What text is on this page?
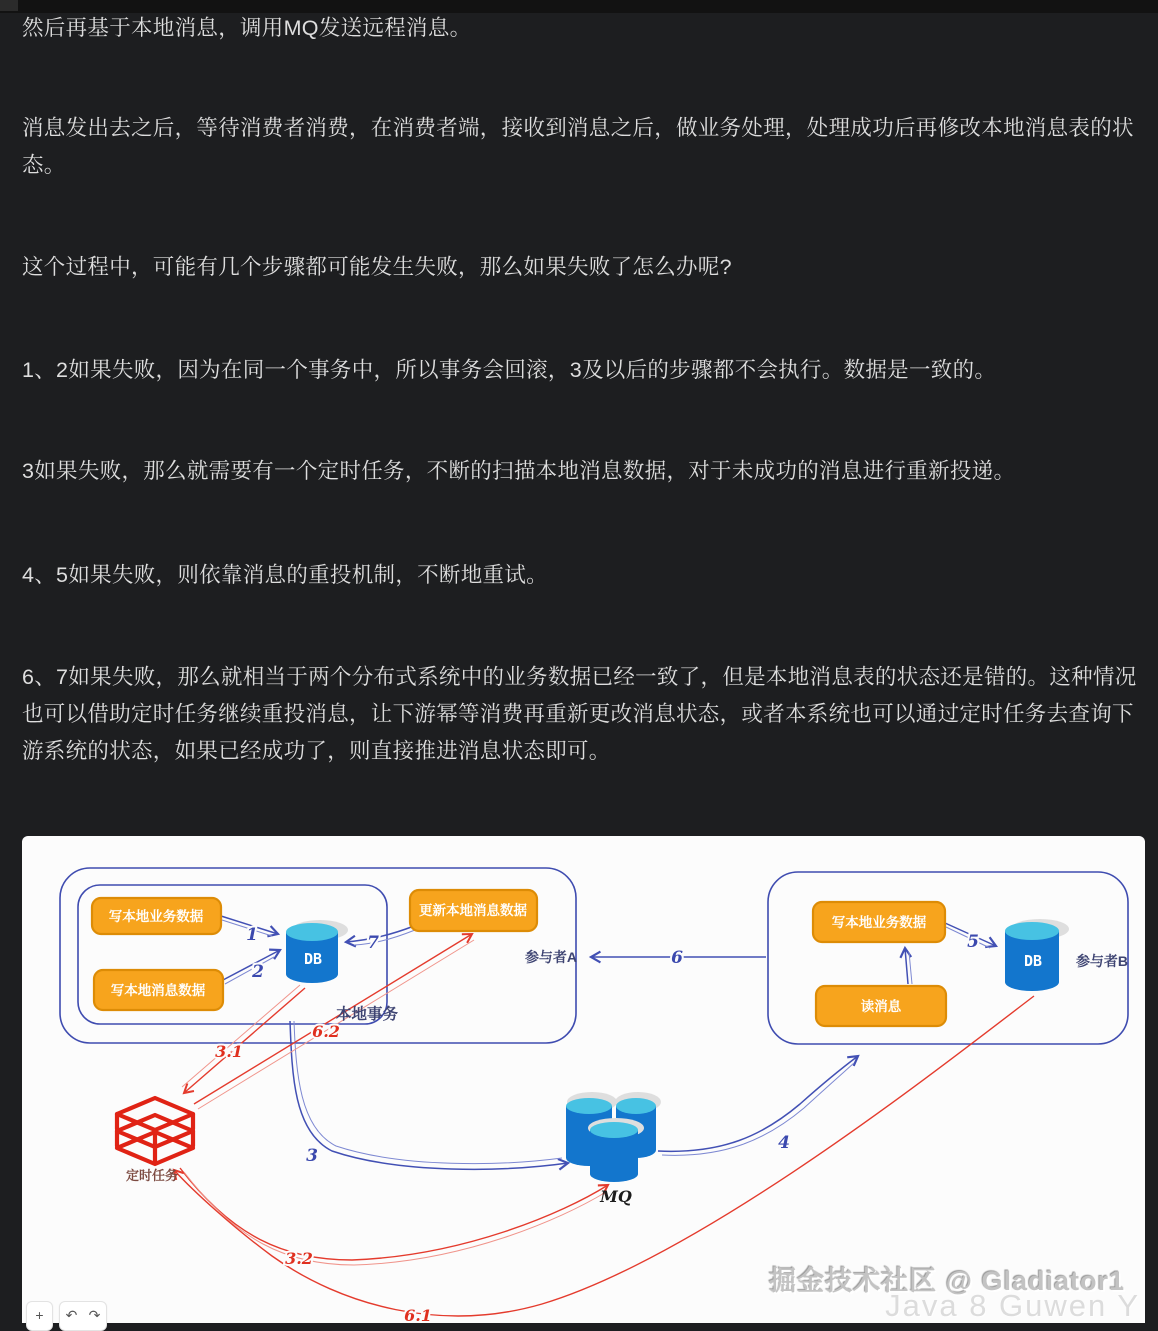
然后再基于本地消息，调用MQ发送远程消息。

消息发出去之后，等待消费者消费，在消费者端，接收到消息之后，做业务处理，处理成功后再修改本地消息表的状态。

这个过程中，可能有几个步骤都可能发生失败，那么如果失败了怎么办呢?

1、2如果失败，因为在同一个事务中，所以事务会回滚，3及以后的步骤都不会执行。数据是一致的。

3如果失败，那么就需要有一个定时任务，不断的扫描本地消息数据，对于未成功的消息进行重新投递。

4、5如果失败，则依靠消息的重投机制，不断地重试。

6、7如果失败，那么就相当于两个分布式系统中的业务数据已经一致了，但是本地消息表的状态还是错的。这种情况也可以借助定时任务继续重投消息，让下游幂等消费再重新更改消息状态，或者本系统也可以通过定时任务去查询下游系统的状态，如果已经成功了，则直接推进消息状态即可。

写本地业务数据
写本地消息数据
更新本地消息数据
写本地业务数据
读消息
DB	DB
MQ
定时任务
参与者A	参与者B
本地事务
1
2
7
6
5
3
4
3.1
6.2
3.2
6.1
+ ↶ ↷
掘金技术社区 @ Gladiator1
Java 8 Guwen Y
